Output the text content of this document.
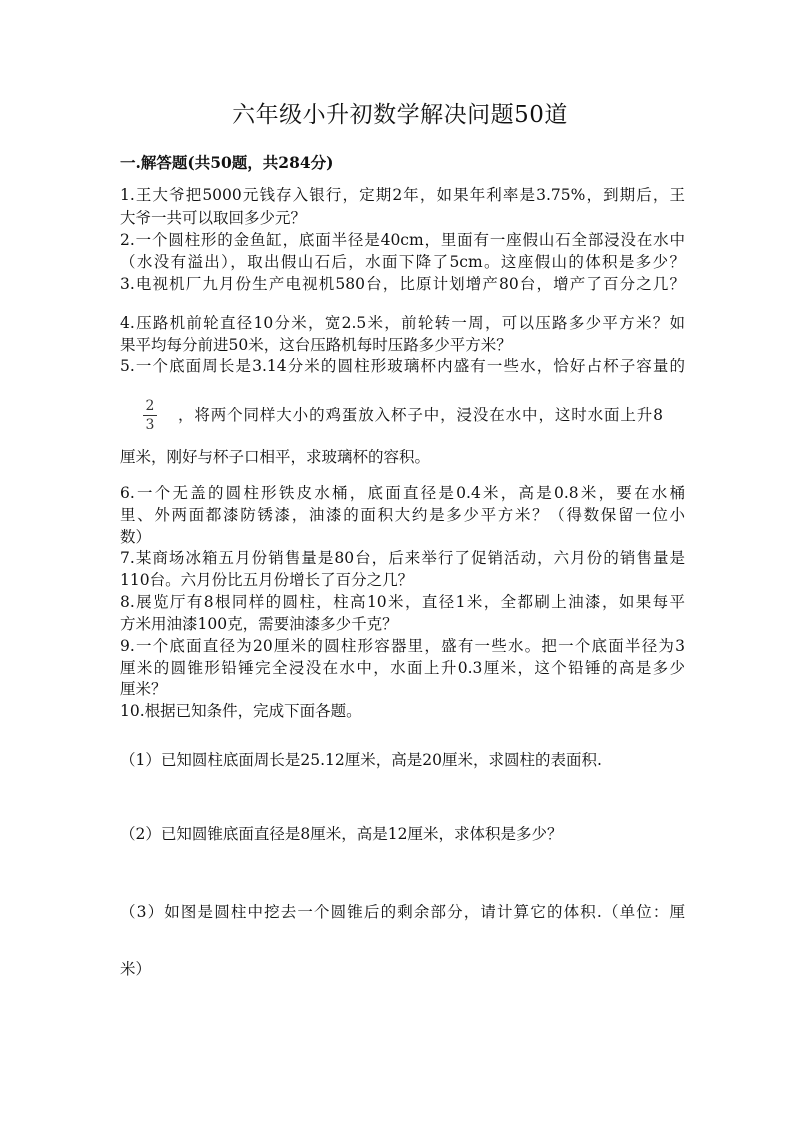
六年级小升初数学解决问题50道
一.解答题(共50题，共284分)
1.王大爷把5000元钱存入银行，定期2年，如果年利率是3.75%，到期后，王
大爷一共可以取回多少元？
2.一个圆柱形的金鱼缸，底面半径是40cm，里面有一座假山石全部浸没在水中
（水没有溢出），取出假山石后，水面下降了5cm。这座假山的体积是多少？
3.电视机厂九月份生产电视机580台，比原计划增产80台，增产了百分之几？
4.压路机前轮直径10分米，宽2.5米，前轮转一周，可以压路多少平方米？如
果平均每分前进50米，这台压路机每时压路多少平方米？
5.一个底面周长是3.14分米的圆柱形玻璃杯内盛有一些水，恰好占杯子容量的
2
3
，将两个同样大小的鸡蛋放入杯子中，浸没在水中，这时水面上升8
厘米，刚好与杯子口相平，求玻璃杯的容积。
6.一个无盖的圆柱形铁皮水桶，底面直径是0.4米，高是0.8米，要在水桶
里、外两面都漆防锈漆，油漆的面积大约是多少平方米？（得数保留一位小
数）
7.某商场冰箱五月份销售量是80台，后来举行了促销活动，六月份的销售量是
110台。六月份比五月份增长了百分之几？
8.展览厅有8根同样的圆柱，柱高10米，直径1米，全都刷上油漆，如果每平
方米用油漆100克，需要油漆多少千克？
9.一个底面直径为20厘米的圆柱形容器里，盛有一些水。把一个底面半径为3
厘米的圆锥形铅锤完全浸没在水中，水面上升0.3厘米，这个铅锤的高是多少
厘米？
10.根据已知条件，完成下面各题。
（1）已知圆柱底面周长是25.12厘米，高是20厘米，求圆柱的表面积.
（2）已知圆锥底面直径是8厘米，高是12厘米，求体积是多少？
（3）如图是圆柱中挖去一个圆锥后的剩余部分，请计算它的体积.（单位：厘
米）
